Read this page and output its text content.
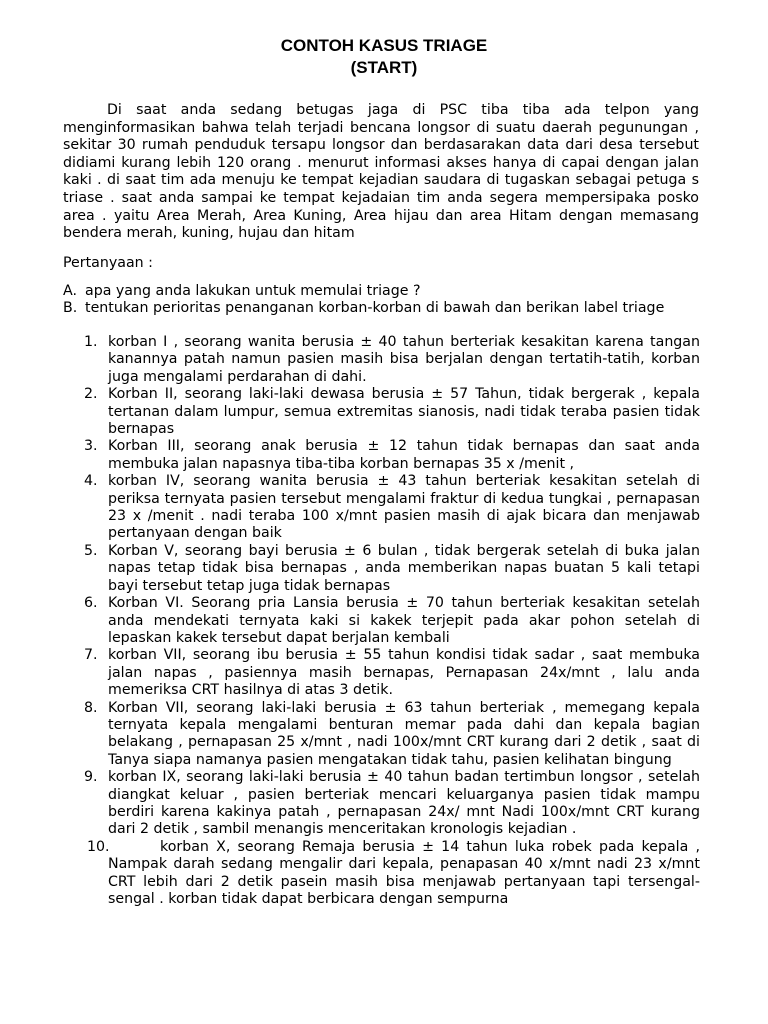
CONTOH KASUS TRIAGE
(START)

Di saat anda sedang betugas jaga di PSC tiba tiba ada telpon yang menginformasikan bahwa telah terjadi bencana longsor di suatu daerah pegunungan , sekitar 30 rumah penduduk tersapu longsor dan berdasarakan data dari desa tersebut didiami kurang lebih 120 orang . menurut informasi akses hanya di capai dengan jalan kaki . di saat tim ada menuju ke tempat kejadian saudara di tugaskan sebagai petuga s triase . saat anda sampai ke tempat kejadaian tim anda segera mempersipaka posko area . yaitu Area Merah, Area Kuning, Area hijau dan area Hitam dengan memasang bendera merah, kuning, hujau dan hitam

Pertanyaan :

A. apa yang anda lakukan untuk memulai triage ?
B. tentukan perioritas penanganan korban-korban di bawah dan berikan label triage
1. korban I , seorang wanita berusia ± 40 tahun berteriak kesakitan karena tangan kanannya patah namun pasien masih bisa berjalan dengan tertatih-tatih, korban juga mengalami perdarahan di dahi.
2. Korban II, seorang laki-laki dewasa berusia ± 57 Tahun, tidak bergerak , kepala tertanan dalam lumpur, semua extremitas sianosis, nadi tidak teraba pasien tidak bernapas
3. Korban III, seorang anak berusia ± 12 tahun tidak bernapas dan saat anda membuka jalan napasnya tiba-tiba korban bernapas 35 x /menit ,
4. korban IV, seorang wanita berusia ± 43 tahun berteriak kesakitan setelah di periksa ternyata pasien tersebut mengalami fraktur di kedua tungkai , pernapasan 23 x /menit . nadi teraba 100 x/mnt pasien masih di ajak bicara dan menjawab pertanyaan dengan baik
5. Korban V, seorang bayi berusia ± 6 bulan , tidak bergerak setelah di buka jalan napas tetap tidak bisa bernapas , anda memberikan napas buatan 5 kali tetapi bayi tersebut tetap juga tidak bernapas
6. Korban VI. Seorang pria Lansia berusia ± 70 tahun berteriak kesakitan setelah anda mendekati ternyata kaki si kakek terjepit pada akar pohon setelah di lepaskan kakek tersebut dapat berjalan kembali
7. korban VII, seorang ibu berusia ± 55 tahun kondisi tidak sadar , saat membuka jalan napas , pasiennya masih bernapas, Pernapasan 24x/mnt , lalu anda memeriksa CRT hasilnya di atas 3 detik.
8. Korban VII, seorang laki-laki berusia ± 63 tahun berteriak , memegang kepala ternyata kepala mengalami benturan memar pada dahi dan kepala bagian belakang , pernapasan 25 x/mnt , nadi 100x/mnt CRT kurang dari 2 detik , saat di Tanya siapa namanya pasien mengatakan tidak tahu, pasien kelihatan bingung
9. korban IX, seorang laki-laki berusia ± 40 tahun badan tertimbun longsor , setelah diangkat keluar , pasien berteriak mencari keluarganya pasien tidak mampu berdiri karena kakinya patah , pernapasan 24x/ mnt Nadi 100x/mnt CRT kurang dari 2 detik , sambil menangis menceritakan kronologis kejadian .
10.	korban X, seorang Remaja berusia ± 14 tahun luka robek pada kepala , Nampak darah sedang mengalir dari kepala, penapasan 40 x/mnt nadi 23 x/mnt CRT lebih dari 2 detik pasein masih bisa menjawab pertanyaan tapi tersengal-sengal . korban tidak dapat berbicara dengan sempurna
